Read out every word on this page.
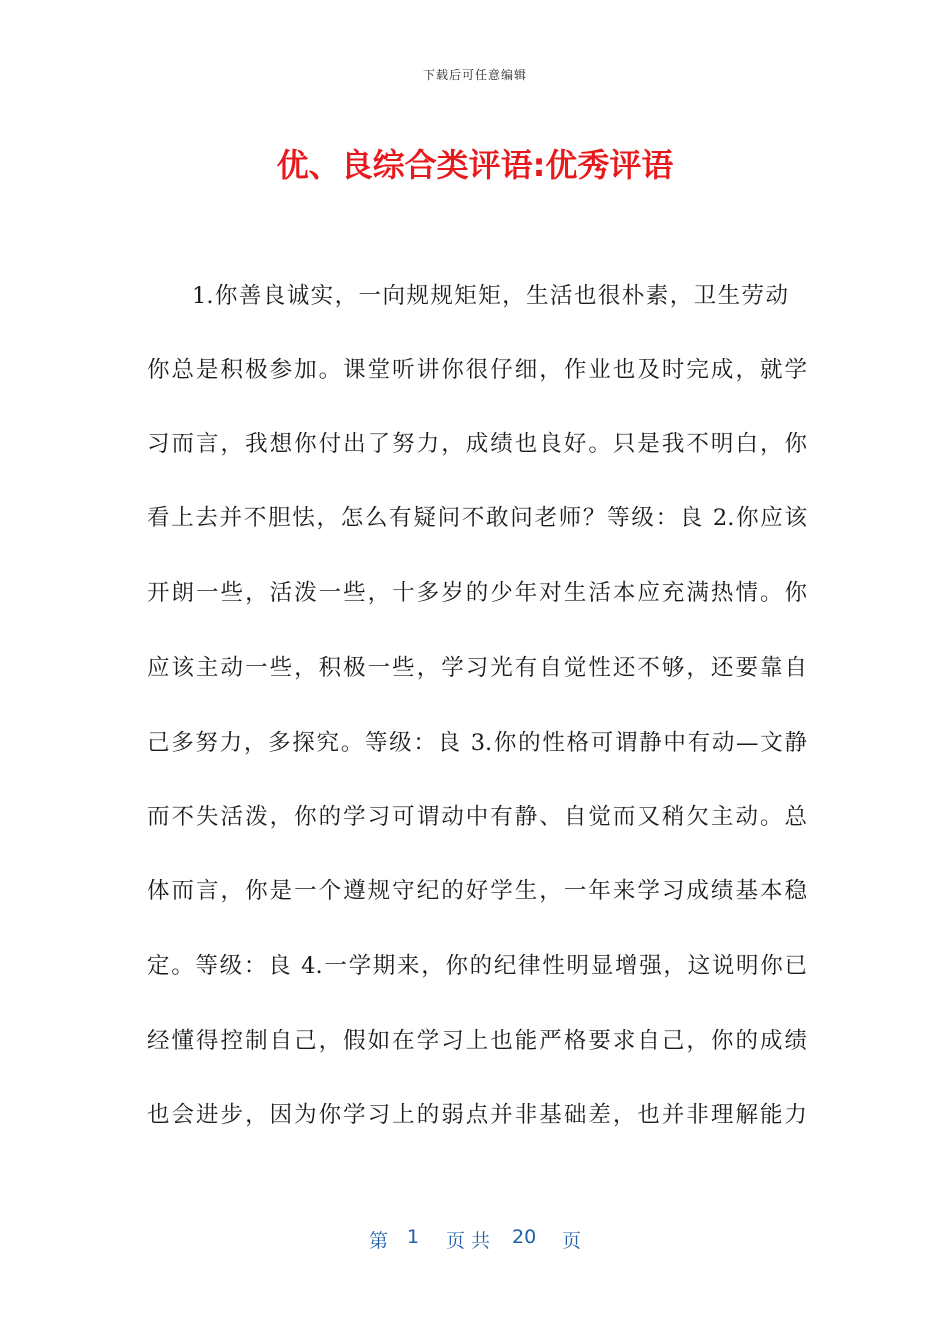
下载后可任意编辑
优、良综合类评语:优秀评语
1.你善良诚实，一向规规矩矩，生活也很朴素，卫生劳动
你总是积极参加。课堂听讲你很仔细，作业也及时完成，就学
习而言，我想你付出了努力，成绩也良好。只是我不明白，你
看上去并不胆怯，怎么有疑问不敢问老师？等级：良 2.你应该
开朗一些，活泼一些，十多岁的少年对生活本应充满热情。你
应该主动一些，积极一些，学习光有自觉性还不够，还要靠自
己多努力，多探究。等级：良 3.你的性格可谓静中有动—文静
而不失活泼，你的学习可谓动中有静、自觉而又稍欠主动。总
体而言，你是一个遵规守纪的好学生，一年来学习成绩基本稳
定。等级：良 4.一学期来，你的纪律性明显增强，这说明你已
经懂得控制自己，假如在学习上也能严格要求自己，你的成绩
也会进步，因为你学习上的弱点并非基础差，也并非理解能力
第 1 页 共 20 页
